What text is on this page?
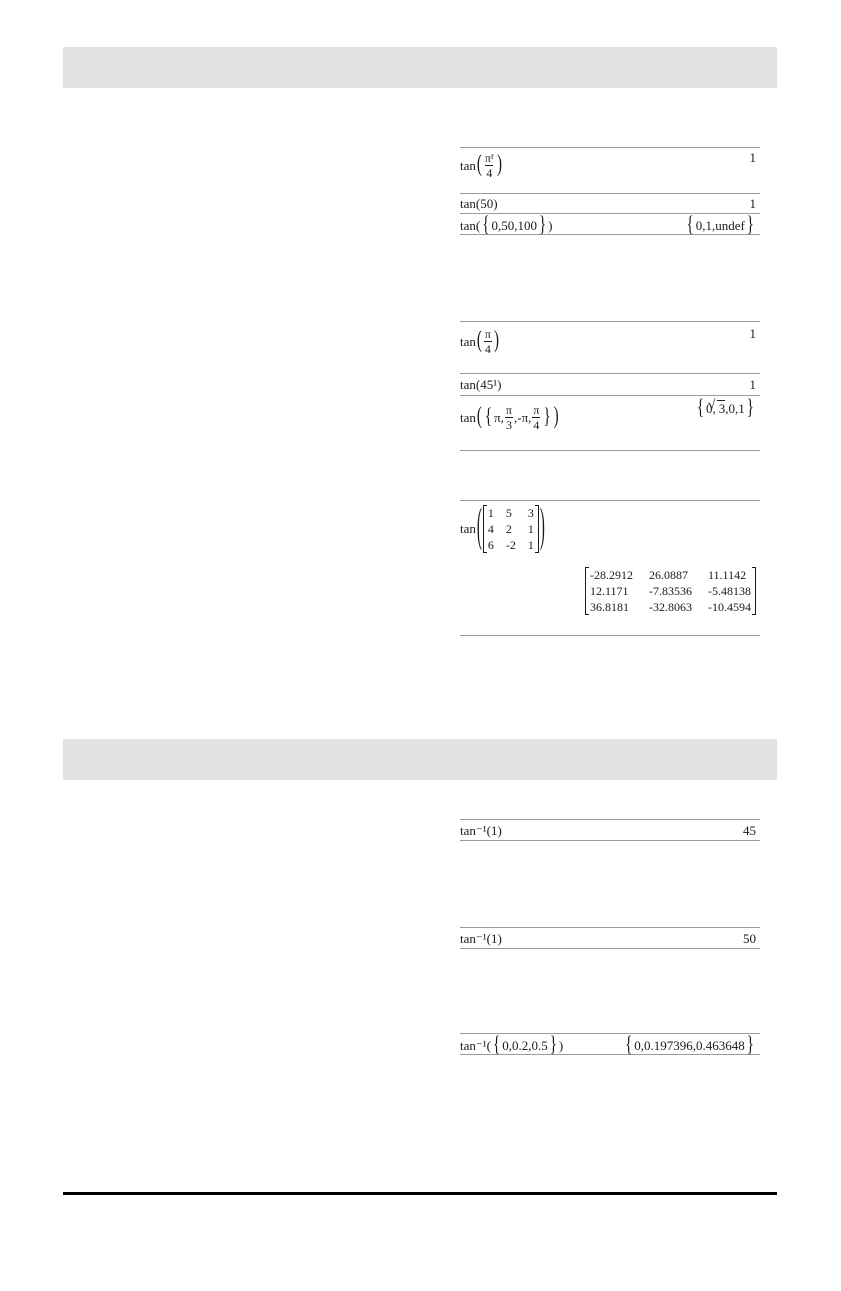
tan ( $\frac{\pi^r}{4}$ )	1
tan ( 50 )	1
tan ( { 0,50,100 } )	{ 0,1,undef }
tan ( $\frac{\pi}{4}$ )	1
tan ( 45¹ )	1
tan ( { π, $\frac{\pi}{3} ,-\pi$, $\frac{\pi}{4}$ } )	{ 0, √ 3 ,0,1 }
tan ( 1 5	3
4 2	1
6 -2 1 )
-28.2912 26.0887	11.1142
12.1171	-7.83536 -5.48138
36.8181	-32.8063 -10.4594
tan⁻¹ ( 1 )	45
tan⁻¹ ( 1 )	50
tan⁻¹ ( { 0,0.2,0.5 } )	{ 0,0.197396,0.463648 }
